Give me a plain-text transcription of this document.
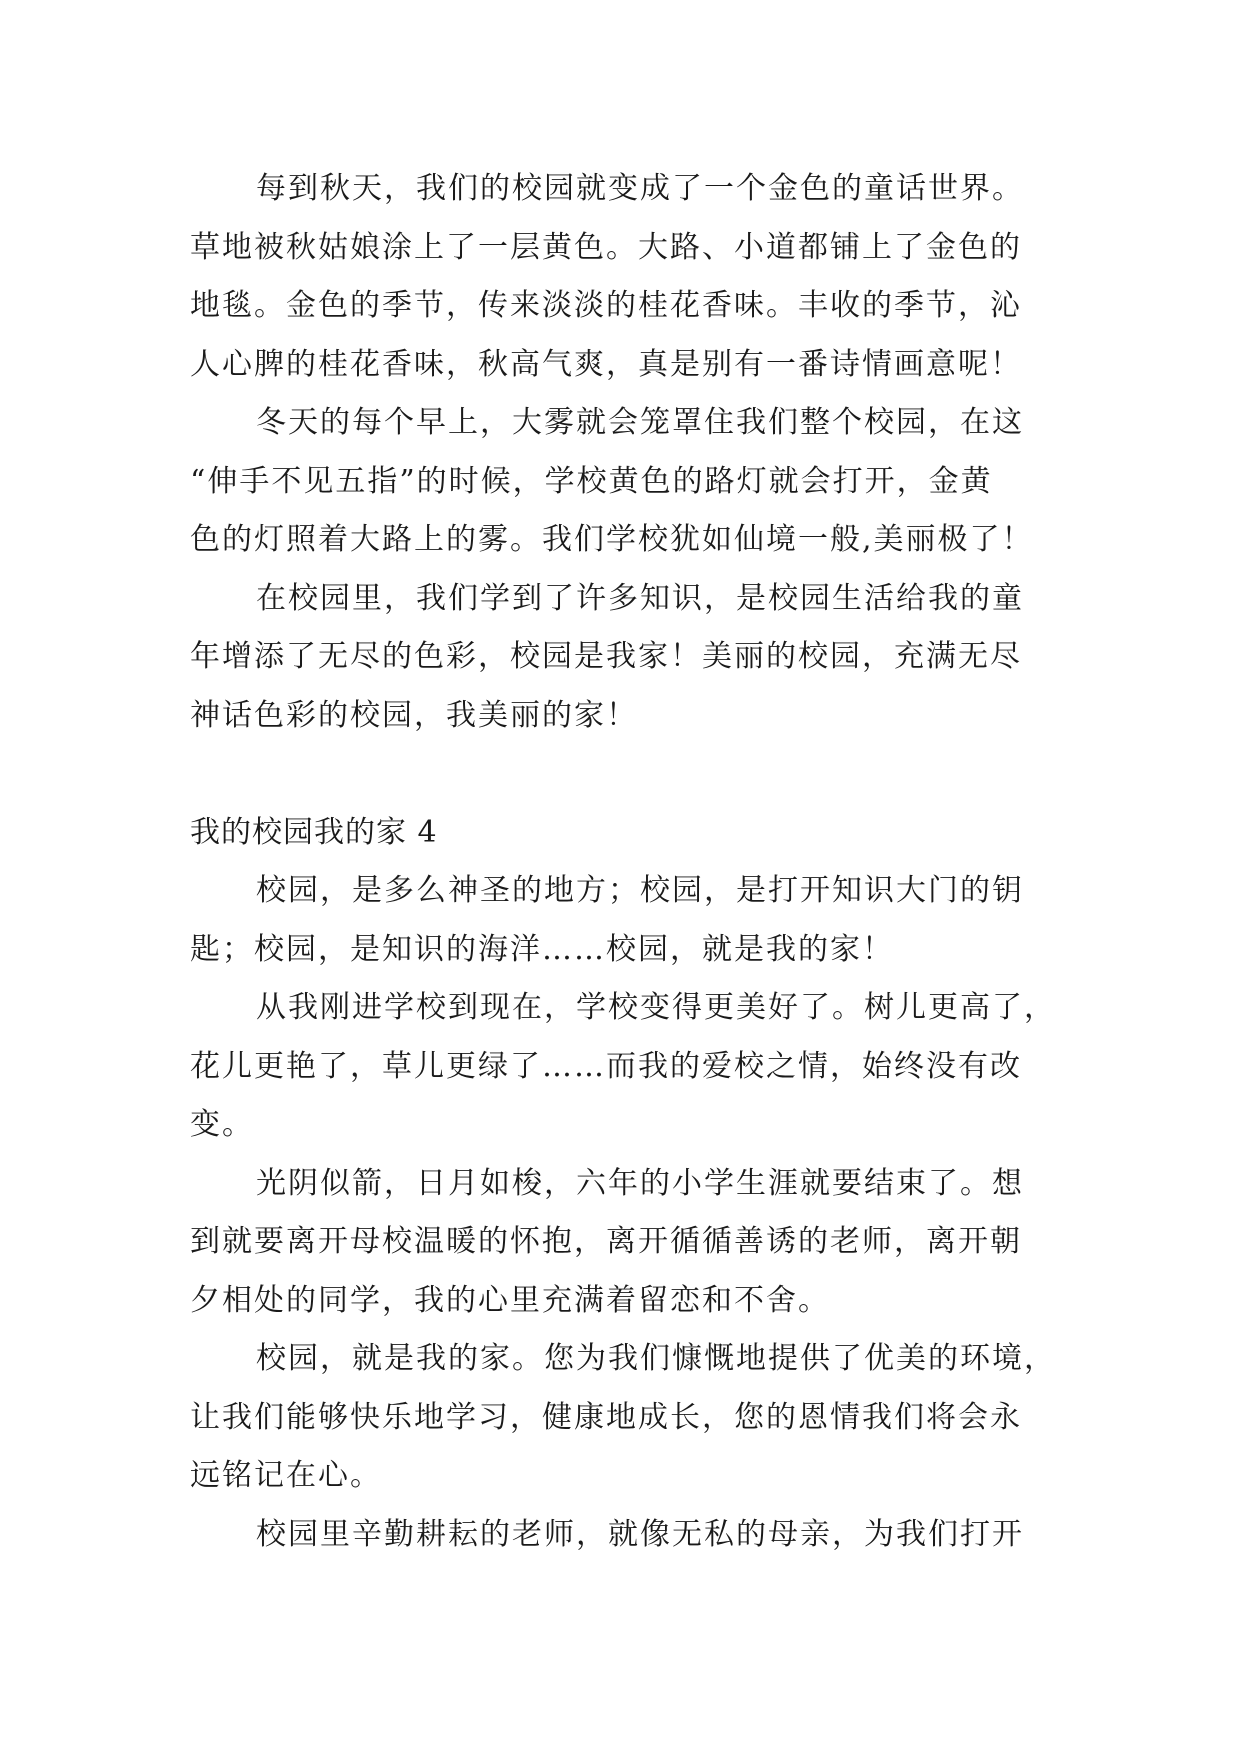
每到秋天，我们的校园就变成了一个金色的童话世界。
草地被秋姑娘涂上了一层黄色。大路、小道都铺上了金色的
地毯。金色的季节，传来淡淡的桂花香味。丰收的季节，沁
人心脾的桂花香味，秋高气爽，真是别有一番诗情画意呢！
冬天的每个早上，大雾就会笼罩住我们整个校园，在这
“伸手不见五指”的时候，学校黄色的路灯就会打开，金黄
色的灯照着大路上的雾。我们学校犹如仙境一般,美丽极了！
在校园里，我们学到了许多知识，是校园生活给我的童
年增添了无尽的色彩，校园是我家！美丽的校园，充满无尽
神话色彩的校园，我美丽的家！
我的校园我的家 4
校园，是多么神圣的地方；校园，是打开知识大门的钥
匙；校园，是知识的海洋……校园，就是我的家！
从我刚进学校到现在，学校变得更美好了。树儿更高了，
花儿更艳了，草儿更绿了……而我的爱校之情，始终没有改
变。
光阴似箭，日月如梭，六年的小学生涯就要结束了。想
到就要离开母校温暖的怀抱，离开循循善诱的老师，离开朝
夕相处的同学，我的心里充满着留恋和不舍。
校园，就是我的家。您为我们慷慨地提供了优美的环境，
让我们能够快乐地学习，健康地成长，您的恩情我们将会永
远铭记在心。
校园里辛勤耕耘的老师，就像无私的母亲，为我们打开
